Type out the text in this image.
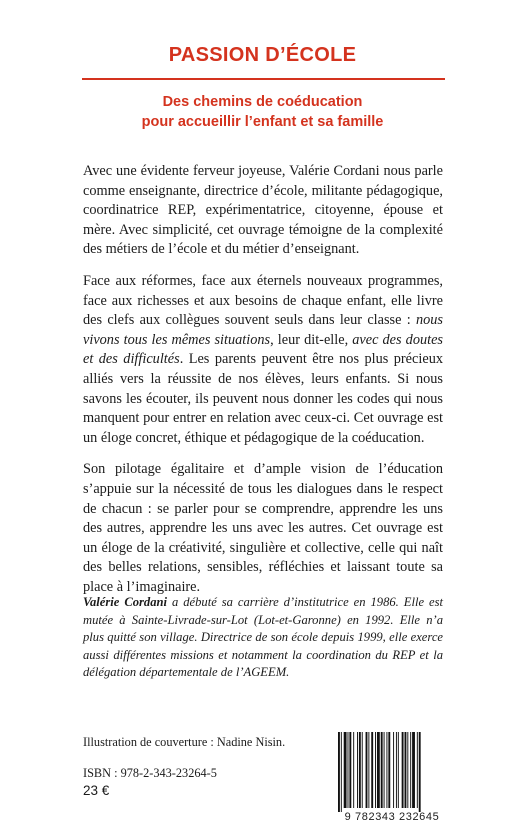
PASSION D’ÉCOLE
Des chemins de coéducation
pour accueillir l’enfant et sa famille

Avec une évidente ferveur joyeuse, Valérie Cordani nous parle comme enseignante, directrice d’école, militante pédagogique, coordinatrice REP, expérimentatrice, citoyenne, épouse et mère. Avec simplicité, cet ouvrage témoigne de la complexité des métiers de l’école et du métier d’enseignant.

Face aux réformes, face aux éternels nouveaux programmes, face aux richesses et aux besoins de chaque enfant, elle livre des clefs aux collègues souvent seuls dans leur classe : nous vivons tous les mêmes situations, leur dit-elle, avec des doutes et des difficultés. Les parents peuvent être nos plus précieux alliés vers la réussite de nos élèves, leurs enfants. Si nous savons les écouter, ils peuvent nous donner les codes qui nous manquent pour entrer en relation avec ceux-ci. Cet ouvrage est un éloge concret, éthique et pédagogique de la coéducation.

Son pilotage égalitaire et d’ample vision de l’éducation s’appuie sur la nécessité de tous les dialogues dans le respect de chacun : se parler pour se comprendre, apprendre les uns des autres, apprendre les uns avec les autres. Cet ouvrage est un éloge de la créativité, singulière et collective, celle qui naît des belles relations, sensibles, réfléchies et laissant toute sa place à l’imaginaire.

Valérie Cordani a débuté sa carrière d’institutrice en 1986. Elle est mutée à Sainte-Livrade-sur-Lot (Lot-et-Garonne) en 1992. Elle n’a plus quitté son village. Directrice de son école depuis 1999, elle exerce aussi différentes missions et notamment la coordination du REP et la délégation départementale de l’AGEEM.
Illustration de couverture : Nadine Nisin.
ISBN : 978-2-343-23264-5
23 €
9 782343 232645
